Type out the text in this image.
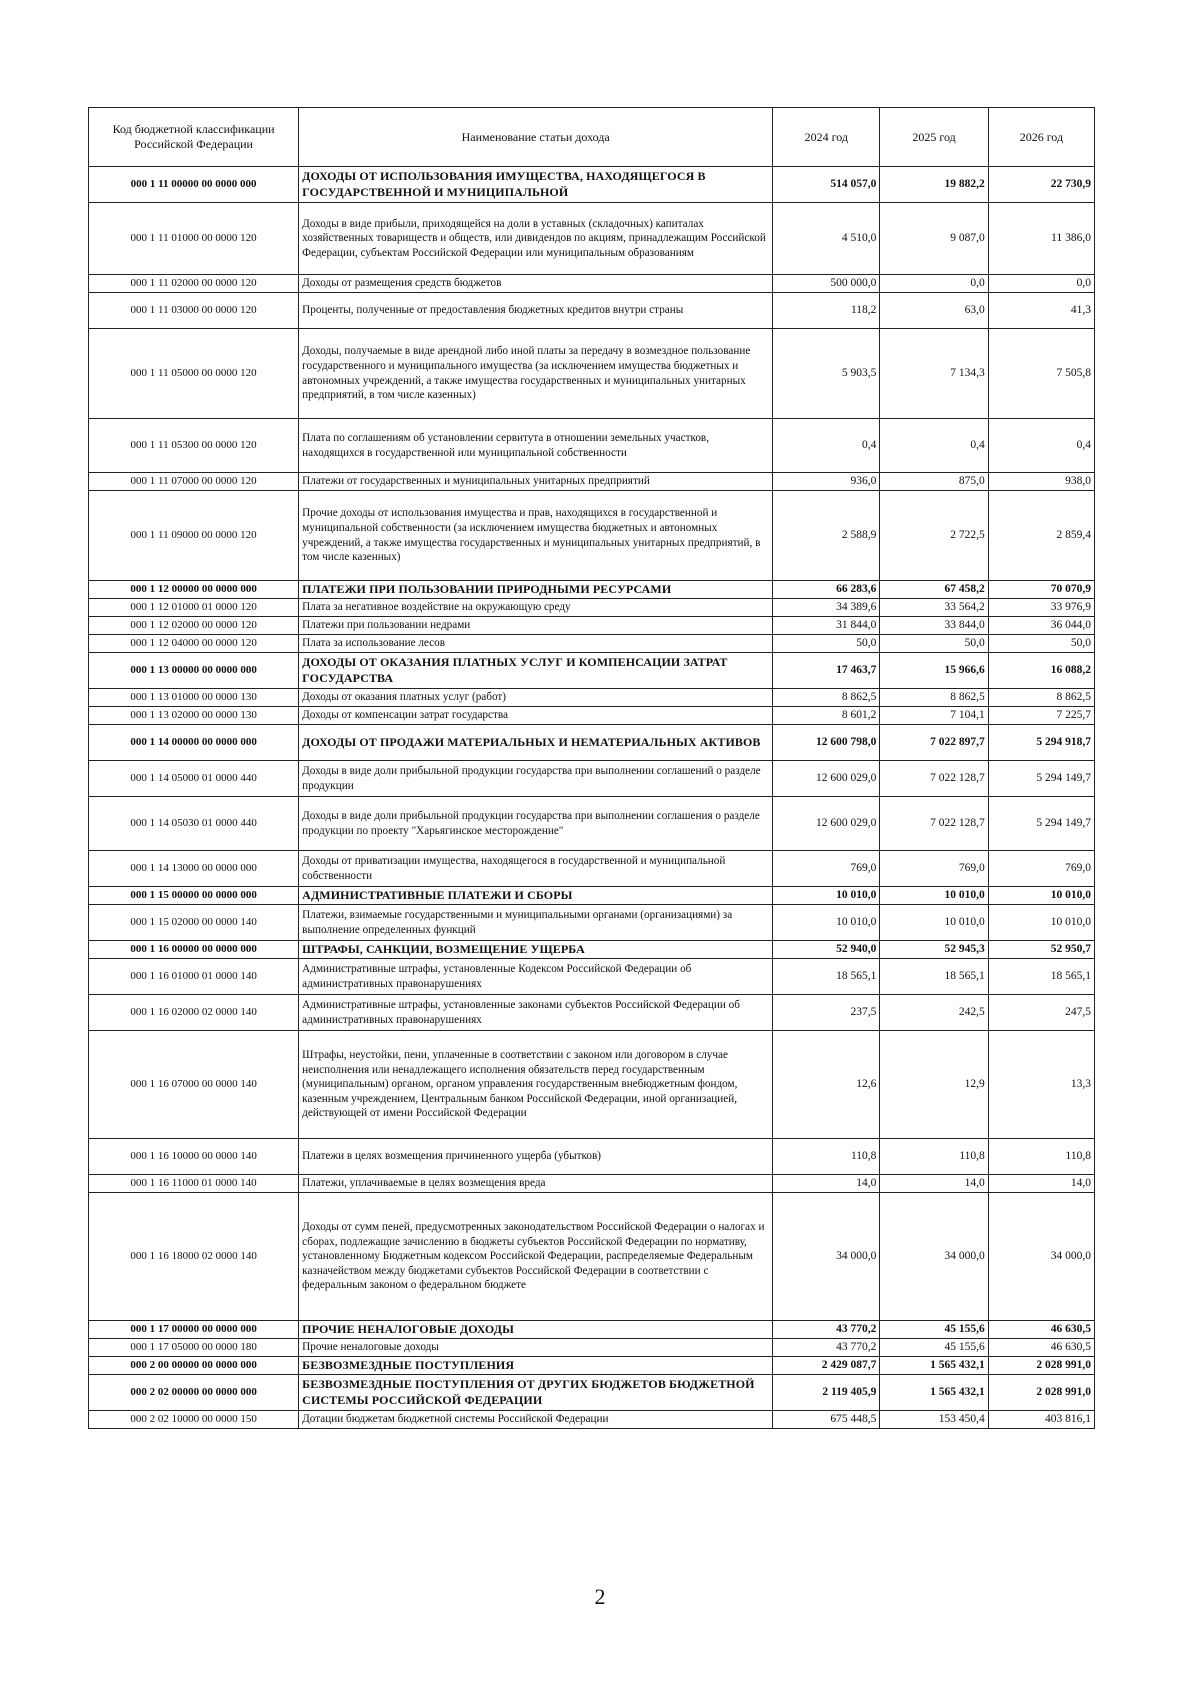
Код бюджетной классификации Российской Федерации	Наименование статьи дохода	2024 год	2025 год	2026 год
000 1 11 00000 00 0000 000	ДОХОДЫ ОТ ИСПОЛЬЗОВАНИЯ ИМУЩЕСТВА, НАХОДЯЩЕГОСЯ В ГОСУДАРСТВЕННОЙ И МУНИЦИПАЛЬНОЙ	514 057,0	19 882,2	22 730,9
000 1 11 01000 00 0000 120	Доходы в виде прибыли, приходящейся на доли в уставных (складочных) капиталах хозяйственных товариществ и обществ, или дивидендов по акциям, принадлежащим Российской Федерации, субъектам Российской Федерации или муниципальным образованиям	4 510,0	9 087,0	11 386,0
000 1 11 02000 00 0000 120	Доходы от размещения средств бюджетов	500 000,0	0,0	0,0
000 1 11 03000 00 0000 120	Проценты, полученные от предоставления бюджетных кредитов внутри страны	118,2	63,0	41,3
000 1 11 05000 00 0000 120	Доходы, получаемые в виде арендной либо иной платы за передачу в возмездное пользование государственного и муниципального имущества (за исключением имущества бюджетных и автономных учреждений, а также имущества государственных и муниципальных унитарных предприятий, в том числе казенных)	5 903,5	7 134,3	7 505,8
000 1 11 05300 00 0000 120	Плата по соглашениям об установлении сервитута в отношении земельных участков, находящихся в государственной или муниципальной собственности	0,4	0,4	0,4
000 1 11 07000 00 0000 120	Платежи от государственных и муниципальных унитарных предприятий	936,0	875,0	938,0
000 1 11 09000 00 0000 120	Прочие доходы от использования имущества и прав, находящихся в государственной и муниципальной собственности (за исключением имущества бюджетных и автономных учреждений, а также имущества государственных и муниципальных унитарных предприятий, в том числе казенных)	2 588,9	2 722,5	2 859,4
000 1 12 00000 00 0000 000	ПЛАТЕЖИ ПРИ ПОЛЬЗОВАНИИ ПРИРОДНЫМИ РЕСУРСАМИ	66 283,6	67 458,2	70 070,9
000 1 12 01000 01 0000 120	Плата за негативное воздействие на окружающую среду	34 389,6	33 564,2	33 976,9
000 1 12 02000 00 0000 120	Платежи при пользовании недрами	31 844,0	33 844,0	36 044,0
000 1 12 04000 00 0000 120	Плата за использование лесов	50,0	50,0	50,0
000 1 13 00000 00 0000 000	ДОХОДЫ ОТ ОКАЗАНИЯ ПЛАТНЫХ УСЛУГ И КОМПЕНСАЦИИ ЗАТРАТ ГОСУДАРСТВА	17 463,7	15 966,6	16 088,2
000 1 13 01000 00 0000 130	Доходы от оказания платных услуг (работ)	8 862,5	8 862,5	8 862,5
000 1 13 02000 00 0000 130	Доходы от компенсации затрат государства	8 601,2	7 104,1	7 225,7
000 1 14 00000 00 0000 000	ДОХОДЫ ОТ ПРОДАЖИ МАТЕРИАЛЬНЫХ И НЕМАТЕРИАЛЬНЫХ АКТИВОВ	12 600 798,0	7 022 897,7	5 294 918,7
000 1 14 05000 01 0000 440	Доходы в виде доли прибыльной продукции государства при выполнении соглашений о разделе продукции	12 600 029,0	7 022 128,7	5 294 149,7
000 1 14 05030 01 0000 440	Доходы в виде доли прибыльной продукции государства при выполнении соглашения о разделе продукции по проекту "Харьягинское месторождение"	12 600 029,0	7 022 128,7	5 294 149,7
000 1 14 13000 00 0000 000	Доходы от приватизации имущества, находящегося в государственной и муниципальной собственности	769,0	769,0	769,0
000 1 15 00000 00 0000 000	АДМИНИСТРАТИВНЫЕ ПЛАТЕЖИ И СБОРЫ	10 010,0	10 010,0	10 010,0
000 1 15 02000 00 0000 140	Платежи, взимаемые государственными и муниципальными органами (организациями) за выполнение определенных функций	10 010,0	10 010,0	10 010,0
000 1 16 00000 00 0000 000	ШТРАФЫ, САНКЦИИ, ВОЗМЕЩЕНИЕ УЩЕРБА	52 940,0	52 945,3	52 950,7
000 1 16 01000 01 0000 140	Административные штрафы, установленные Кодексом Российской Федерации об административных правонарушениях	18 565,1	18 565,1	18 565,1
000 1 16 02000 02 0000 140	Административные штрафы, установленные законами субъектов Российской Федерации об административных правонарушениях	237,5	242,5	247,5
000 1 16 07000 00 0000 140	Штрафы, неустойки, пени, уплаченные в соответствии с законом или договором в случае неисполнения или ненадлежащего исполнения обязательств перед государственным (муниципальным) органом, органом управления государственным внебюджетным фондом, казенным учреждением, Центральным банком Российской Федерации, иной организацией, действующей от имени Российской Федерации	12,6	12,9	13,3
000 1 16 10000 00 0000 140	Платежи в целях возмещения причиненного ущерба (убытков)	110,8	110,8	110,8
000 1 16 11000 01 0000 140	Платежи, уплачиваемые в целях возмещения вреда	14,0	14,0	14,0
000 1 16 18000 02 0000 140	Доходы от сумм пеней, предусмотренных законодательством Российской Федерации о налогах и сборах, подлежащие зачислению в бюджеты субъектов Российской Федерации по нормативу, установленному Бюджетным кодексом Российской Федерации, распределяемые Федеральным казначейством между бюджетами субъектов Российской Федерации в соответствии с федеральным законом о федеральном бюджете	34 000,0	34 000,0	34 000,0
000 1 17 00000 00 0000 000	ПРОЧИЕ НЕНАЛОГОВЫЕ ДОХОДЫ	43 770,2	45 155,6	46 630,5
000 1 17 05000 00 0000 180	Прочие неналоговые доходы	43 770,2	45 155,6	46 630,5
000 2 00 00000 00 0000 000	БЕЗВОЗМЕЗДНЫЕ ПОСТУПЛЕНИЯ	2 429 087,7	1 565 432,1	2 028 991,0
000 2 02 00000 00 0000 000	БЕЗВОЗМЕЗДНЫЕ ПОСТУПЛЕНИЯ ОТ ДРУГИХ БЮДЖЕТОВ БЮДЖЕТНОЙ СИСТЕМЫ РОССИЙСКОЙ ФЕДЕРАЦИИ	2 119 405,9	1 565 432,1	2 028 991,0
000 2 02 10000 00 0000 150	Дотации бюджетам бюджетной системы Российской Федерации	675 448,5	153 450,4	403 816,1
2
